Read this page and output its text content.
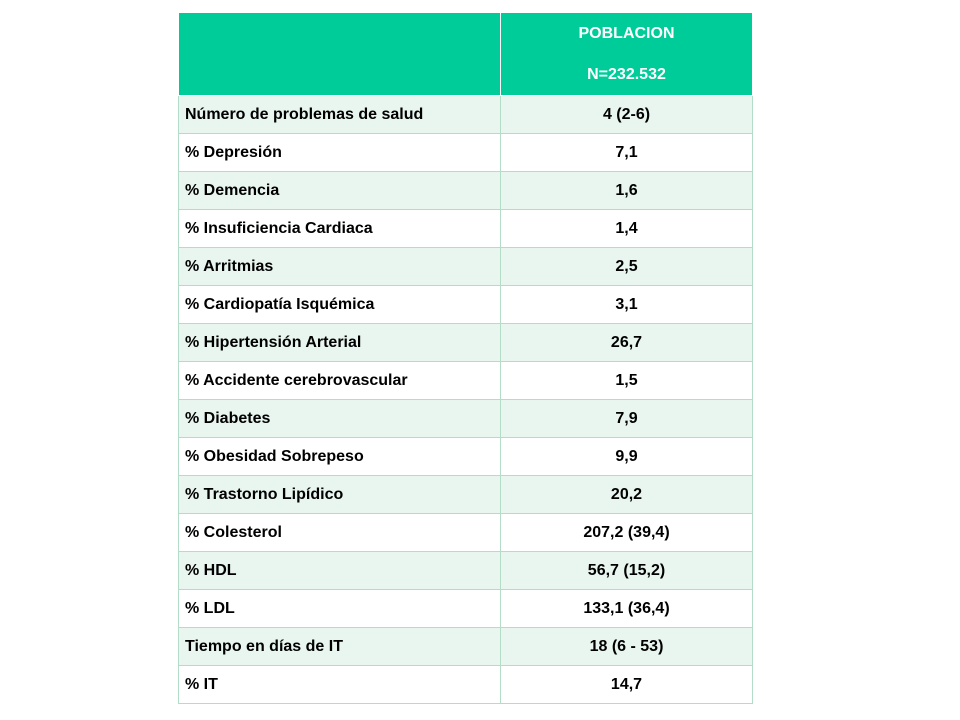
	POBLACION
N=232.532

Número de problemas de salud	4 (2-6)
% Depresión	7,1
% Demencia	1,6
% Insuficiencia Cardiaca	1,4
% Arritmias	2,5
% Cardiopatía Isquémica	3,1
% Hipertensión Arterial	26,7
% Accidente cerebrovascular	1,5
% Diabetes	7,9
% Obesidad Sobrepeso	9,9
% Trastorno Lipídico	20,2
% Colesterol	207,2 (39,4)
% HDL	56,7 (15,2)
% LDL	133,1 (36,4)
Tiempo en días de IT	18 (6 - 53)
% IT	14,7
